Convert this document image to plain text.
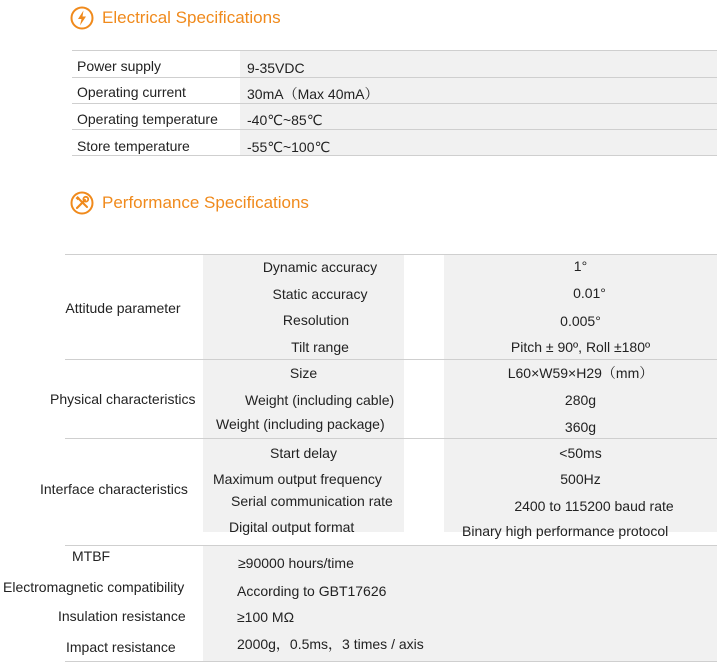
Electrical Specifications
Power supply	9-35VDC
Operating current	30mA（Max 40mA）
Operating temperature -40℃~85℃
Store temperature	-55℃~100℃
Performance Specifications
Attitude parameter
Dynamic accuracy	1°
Static accuracy	0.01°
Resolution	0.005°
Tilt range	Pitch ± 90º, Roll ±180º
Physical characteristics
Size	L60×W59×H29（mm）
Weight (including cable)	280g
Weight (including package)	360g
Interface characteristics
Start delay	<50ms
Maximum output frequency	500Hz
Serial communication rate	2400 to 115200 baud rate
Digital output format	Binary high performance protocol
MTBF	≥90000 hours/time
Electromagnetic compatibility	According to GBT17626
Insulation resistance	≥100 MΩ
Impact resistance	2000g，0.5ms，3 times / axis
